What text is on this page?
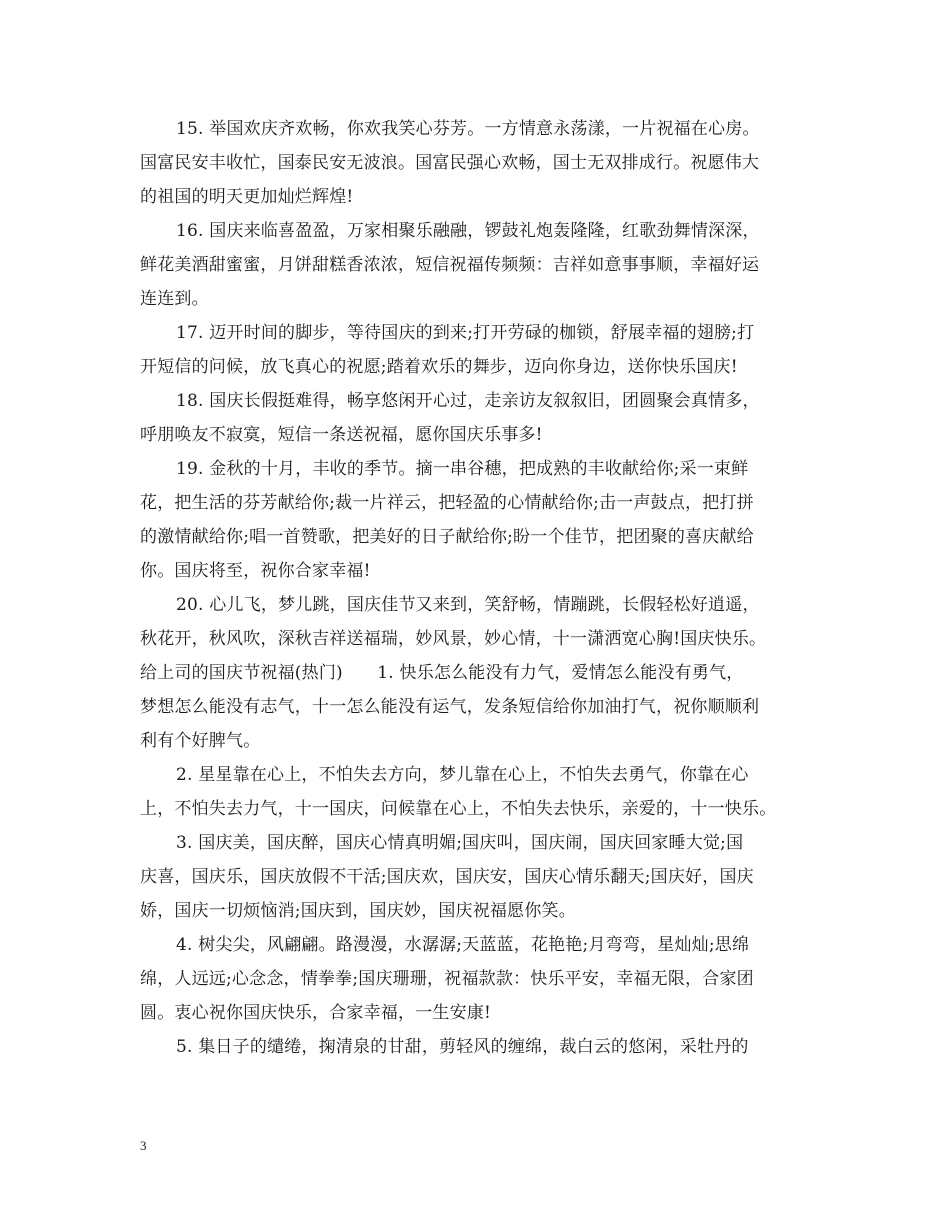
15. 举国欢庆齐欢畅，你欢我笑心芬芳。一方情意永荡漾，一片祝福在心房。
国富民安丰收忙，国泰民安无波浪。国富民强心欢畅，国士无双排成行。祝愿伟大
的祖国的明天更加灿烂辉煌!
16. 国庆来临喜盈盈，万家相聚乐融融，锣鼓礼炮轰隆隆，红歌劲舞情深深，
鲜花美酒甜蜜蜜，月饼甜糕香浓浓，短信祝福传频频：吉祥如意事事顺，幸福好运
连连到。
17. 迈开时间的脚步，等待国庆的到来;打开劳碌的枷锁，舒展幸福的翅膀;打
开短信的问候，放飞真心的祝愿;踏着欢乐的舞步，迈向你身边，送你快乐国庆!
18. 国庆长假挺难得，畅享悠闲开心过，走亲访友叙叙旧，团圆聚会真情多，
呼朋唤友不寂寞，短信一条送祝福，愿你国庆乐事多!
19. 金秋的十月，丰收的季节。摘一串谷穗，把成熟的丰收献给你;采一束鲜
花，把生活的芬芳献给你;裁一片祥云，把轻盈的心情献给你;击一声鼓点，把打拼
的激情献给你;唱一首赞歌，把美好的日子献给你;盼一个佳节，把团聚的喜庆献给
你。国庆将至，祝你合家幸福!
20. 心儿飞，梦儿跳，国庆佳节又来到，笑舒畅，情蹦跳，长假轻松好逍遥，
秋花开，秋风吹，深秋吉祥送福瑞，妙风景，妙心情，十一潇洒宽心胸!国庆快乐。
给上司的国庆节祝福(热门)　　1. 快乐怎么能没有力气，爱情怎么能没有勇气，
梦想怎么能没有志气，十一怎么能没有运气，发条短信给你加油打气，祝你顺顺利
利有个好脾气。
2. 星星靠在心上，不怕失去方向，梦儿靠在心上，不怕失去勇气，你靠在心
上，不怕失去力气，十一国庆，问候靠在心上，不怕失去快乐，亲爱的，十一快乐。
3. 国庆美，国庆醉，国庆心情真明媚;国庆叫，国庆闹，国庆回家睡大觉;国
庆喜，国庆乐，国庆放假不干活;国庆欢，国庆安，国庆心情乐翻天;国庆好，国庆
娇，国庆一切烦恼消;国庆到，国庆妙，国庆祝福愿你笑。
4. 树尖尖，风翩翩。路漫漫，水潺潺;天蓝蓝，花艳艳;月弯弯，星灿灿;思绵
绵，人远远;心念念，情拳拳;国庆珊珊，祝福款款：快乐平安，幸福无限，合家团
圆。衷心祝你国庆快乐，合家幸福，一生安康!
5. 集日子的缱绻，掬清泉的甘甜，剪轻风的缠绵，裁白云的悠闲，采牡丹的
3
